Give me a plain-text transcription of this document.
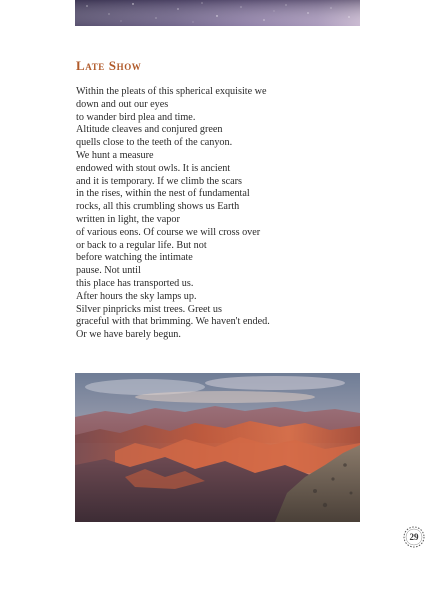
Late Show
Within the pleats of this spherical exquisite we
down and out our eyes
to wander bird plea and time.
Altitude cleaves and conjured green
quells close to the teeth of the canyon.
We hunt a measure
endowed with stout owls. It is ancient
and it is temporary. If we climb the scars
in the rises, within the nest of fundamental
rocks, all this crumbling shows us Earth
written in light, the vapor
of various eons. Of course we will cross over
or back to a regular life. But not
before watching the intimate
pause. Not until
this place has transported us.
After hours the sky lamps up.
Silver pinpricks mist trees. Greet us
graceful with that brimming. We haven't ended.
Or we have barely begun.
29
